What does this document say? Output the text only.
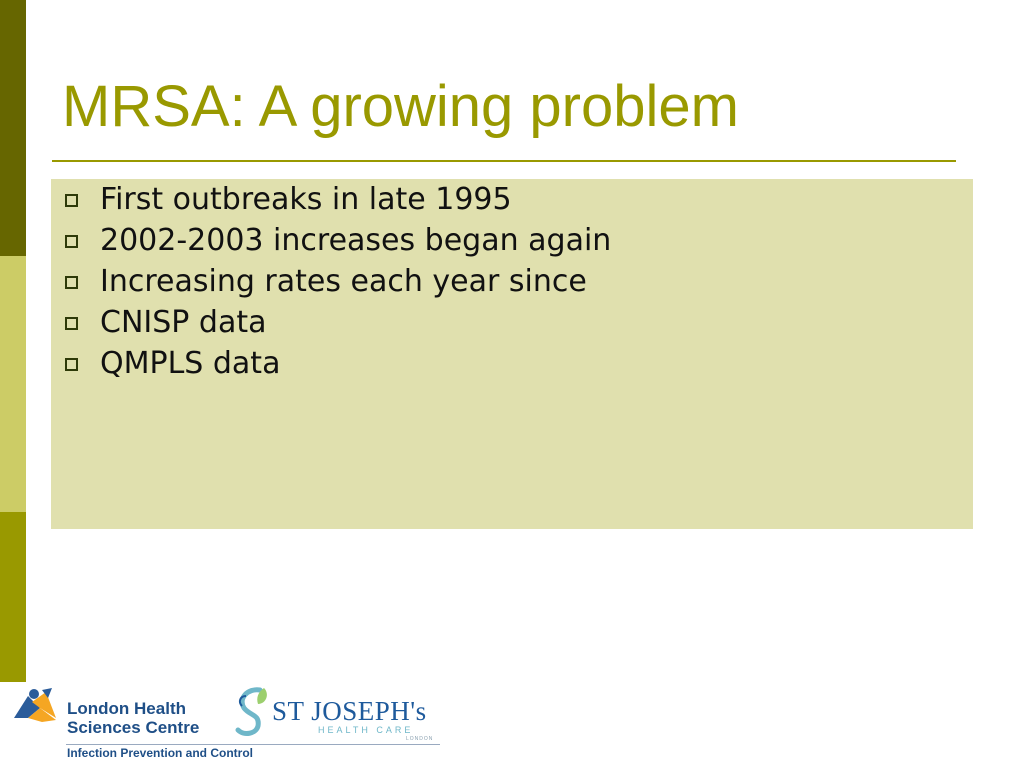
MRSA: A growing problem
First outbreaks in late 1995
2002-2003 increases began again
Increasing rates each year since
CNISP data
QMPLS data
London Health
Sciences Centre
Infection Prevention and Control
ST JOSEPH's
HEALTH CARE
LONDON
